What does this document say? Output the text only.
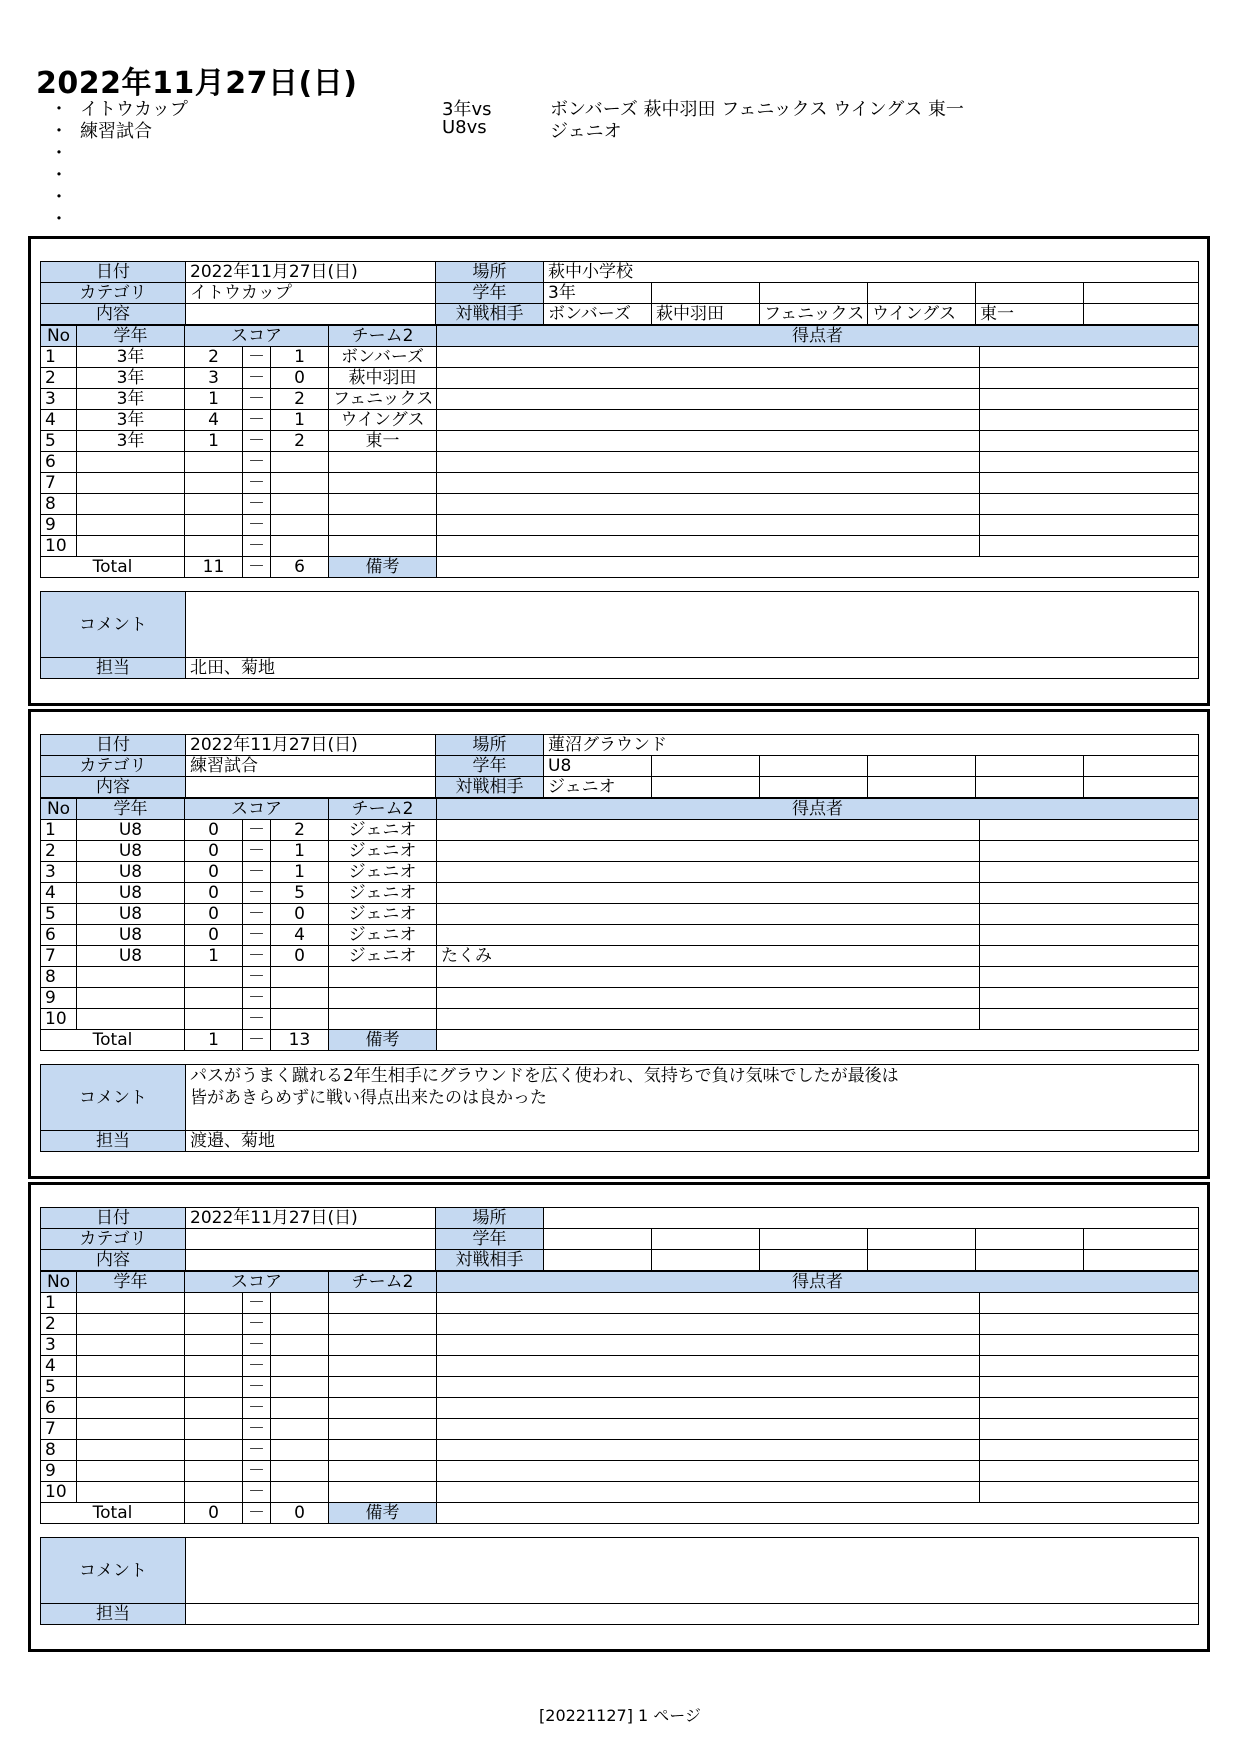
2022年11月27日(日)
・ イトウカップ	3年vs	ボンバーズ 萩中羽田 フェニックス ウイングス 東一
・ 練習試合	U8vs	ジェニオ
・
・
・
・
日付	2022年11月27日(日)	場所	萩中小学校					
カテゴリ	イトウカップ	学年	3年					
内容		対戦相手	ボンバーズ	萩中羽田	フェニックス	ウイングス	東一	
No	学年	スコア			チーム2	得点者	
1	3年	2	－	1	ボンバーズ		
2	3年	3	－	0	萩中羽田		
3	3年	1	－	2	フェニックス		
4	3年	4	－	1	ウイングス		
5	3年	1	－	2	東一		
6			－				
7			－				
8			－				
9			－				
10			－				
Total		11	－	6	備考		
コメント	
担当	北田、菊地
日付	2022年11月27日(日)	場所	蓮沼グラウンド					
カテゴリ	練習試合	学年	U8					
内容		対戦相手	ジェニオ					
No	学年	スコア			チーム2	得点者	
1	U8	0	－	2	ジェニオ		
2	U8	0	－	1	ジェニオ		
3	U8	0	－	1	ジェニオ		
4	U8	0	－	5	ジェニオ		
5	U8	0	－	0	ジェニオ		
6	U8	0	－	4	ジェニオ		
7	U8	1	－	0	ジェニオ	たくみ	
8			－				
9			－				
10			－				
Total		1	－	13	備考		
コメント	パスがうまく蹴れる2年生相手にグラウンドを広く使われ、気持ちで負け気味でしたが最後は
皆があきらめずに戦い得点出来たのは良かった

担当	渡邉、菊地
日付	2022年11月27日(日)	場所						
カテゴリ		学年						
内容		対戦相手						
No	学年	スコア			チーム2	得点者	
1			－				
2			－				
3			－				
4			－				
5			－				
6			－				
7			－				
8			－				
9			－				
10			－				
Total		0	－	0	備考		
コメント	
担当	
[20221127] 1 ページ
